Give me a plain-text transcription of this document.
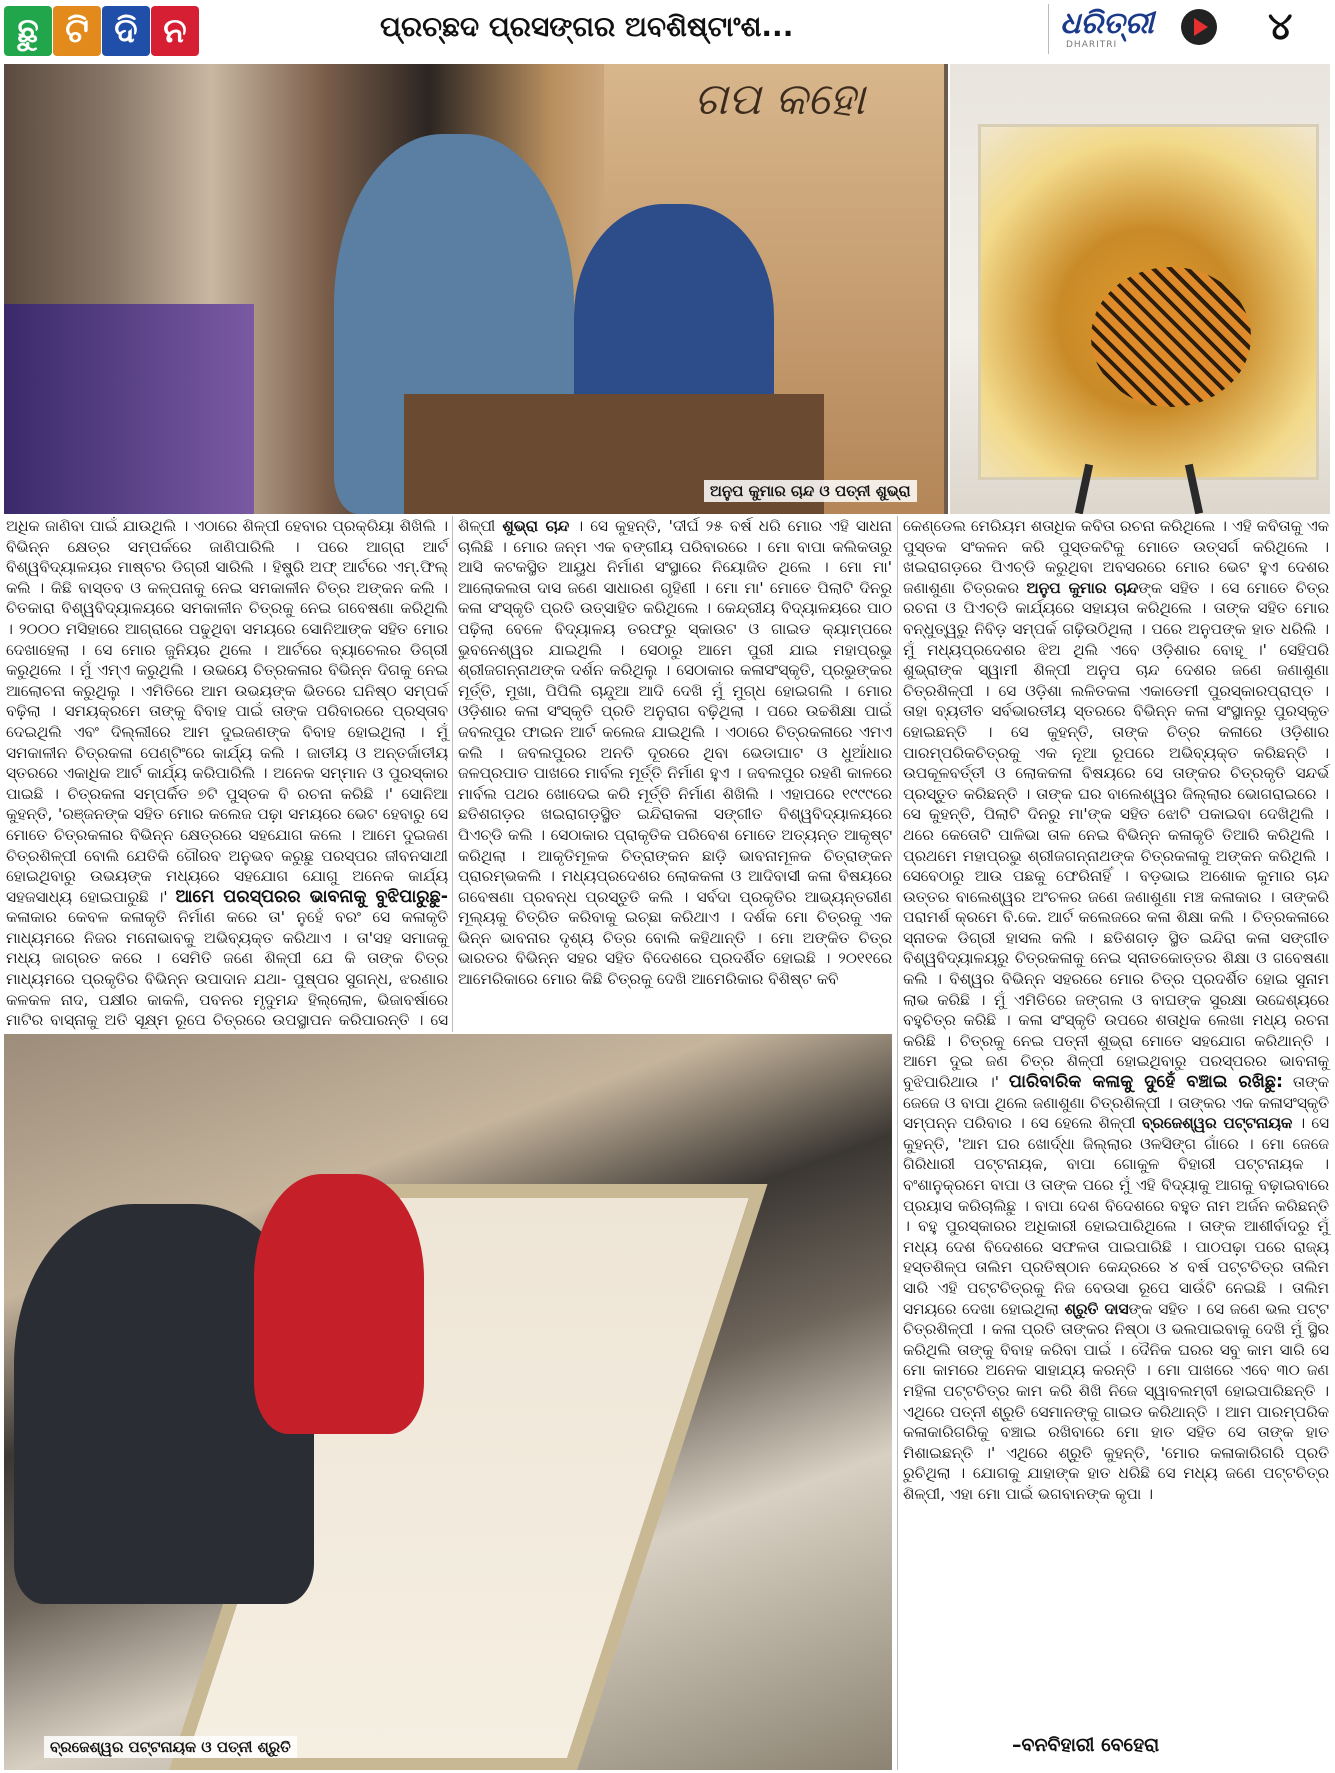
ଛୁ ଟି ଦି ନ	ପ୍ରଚ୍ଛଦ ପ୍ରସଙ୍ଗର ଅବଶିଷ୍ଟାଂଶ...	ଧରିତ୍ରୀ
DHARITRI	୪
ଗପ କହୋ
ଅନୁପ କୁମାର ଚାନ୍ଦ ଓ ପତ୍ନୀ ଶୁଭ୍ରା

ଅଧିକ ଜାଣିବା ପାଇଁ ଯାଉଥିଲି । ଏଠାରେ ଶିଳ୍ପୀ ହେବାର ପ୍ରକ୍ରିୟା ଶିଖିଲି । ବିଭିନ୍ନ କ୍ଷେତ୍ର ସମ୍ପର୍କରେ ଜାଣିପାରିଲି । ପରେ ଆଗ୍ରା ଆର୍ଟ ବିଶ୍ୱବିଦ୍ୟାଳୟର ମାଷ୍ଟର ଡିଗ୍ରୀ ସାରିଲି । ହିଷ୍ଟ୍ରି ଅଫ୍ ଆର୍ଟରେ ଏମ୍.ଫିଲ୍ କଲି । କିଛି ବାସ୍ତବ ଓ କଳ୍ପନାକୁ ନେଇ ସମକାଳୀନ ଚିତ୍ର ଅଙ୍କନ କଲି । ଚିତକାରା ବିଶ୍ୱବିଦ୍ୟାଳୟରେ ସମକାଳୀନ ଚିତ୍ରକୁ ନେଇ ଗବେଷଣା କରିଥିଲି । ୨୦୦୦ ମସିହାରେ ଆଗ୍ରାରେ ପଢୁଥିବା ସମୟରେ ସୋନିଆଙ୍କ ସହିତ ମୋର ଦେଖାହେଲା । ସେ ମୋର ଜୁନିୟର ଥିଲେ । ଆର୍ଟରେ ବ୍ୟାଚେଲର ଡିଗ୍ରୀ କରୁଥିଲେ । ମୁଁ ଏମ୍‌ଏ କରୁଥିଲି । ଉଭୟେ ଚିତ୍ରକଳାର ବିଭିନ୍ନ ଦିଗକୁ ନେଇ ଆଲୋଚନା କରୁଥିଲୁ । ଏମିତିରେ ଆମ ଉଭୟଙ୍କ ଭିତରେ ଘନିଷ୍ଠ ସମ୍ପର୍କ ବଢ଼ିଲା । ସମୟକ୍ରମେ ତାଙ୍କୁ ବିବାହ ପାଇଁ ତାଙ୍କ ପରିବାରରେ ପ୍ରସ୍ତାବ ଦେଇଥିଲି ଏବଂ ଦିଲ୍ଲୀରେ ଆମ ଦୁଇଜଣଙ୍କ ବିବାହ ହୋଇଥିଲା । ମୁଁ ସମକାଳୀନ ଚିତ୍ରକଳା ପେଣ୍ଟିଂରେ କାର୍ଯ୍ୟ କଲି । ଜାତୀୟ ଓ ଅନ୍ତର୍ଜାତୀୟ ସ୍ତରରେ ଏକାଧିକ ଆର୍ଟ କାର୍ଯ୍ୟ କରିପାରିଲି । ଅନେକ ସମ୍ମାନ ଓ ପୁରସ୍କାର ପାଇଛି । ଚିତ୍ରକଳା ସମ୍ପର୍କିତ ୭ଟି ପୁସ୍ତକ ବି ରଚନା କରିଛି ।' ସୋନିଆ କୁହନ୍ତି, 'ରଞ୍ଜନଙ୍କ ସହିତ ମୋର କଲେଜ ପଢ଼ା ସମୟରେ ଭେଟ ହେବାରୁ ସେ ମୋତେ ଚିତ୍ରକଳାର ବିଭିନ୍ନ କ୍ଷେତ୍ରରେ ସହଯୋଗ କଲେ । ଆମେ ଦୁଇଜଣ ଚିତ୍ରଶିଳ୍ପୀ ବୋଲି ଯେତିକି ଗୌରବ ଅନୁଭବ କରୁଛୁ ପରସ୍ପର ଜୀବନସାଥୀ ହୋଇଥିବାରୁ ଉଭୟଙ୍କ ମଧ୍ୟରେ ସହଯୋଗ ଯୋଗୁ ଅନେକ କାର୍ଯ୍ୟ ସହଜସାଧ୍ୟ ହୋଇପାରୁଛି ।' ଆମେ ପରସ୍ପରର ଭାବନାକୁ ବୁଝିପାରୁଛୁ- କଳାକାର କେବଳ କଳାକୃତି ନିର୍ମାଣ କରେ ତା' ନୁହେଁ ବରଂ ସେ କଳାକୃତି ମାଧ୍ୟମରେ ନିଜର ମନୋଭାବକୁ ଅଭିବ୍ୟକ୍ତ କରିଥାଏ । ତା'ସହ ସମାଜକୁ ମଧ୍ୟ ଜାଗ୍ରତ କରେ । ସେମିତି ଜଣେ ଶିଳ୍ପୀ ଯେ କି ତାଙ୍କ ଚିତ୍ର ମାଧ୍ୟମରେ ପ୍ରକୃତିର ବିଭିନ୍ନ ଉପାଦାନ ଯଥା- ପୁଷ୍ପର ସୁଗନ୍ଧ, ଝରଣାର କଳକଳ ନାଦ, ପକ୍ଷୀର କାକଳି, ପବନର ମୃଦୁମନ୍ଦ ହିଲ୍ଲୋଳ, ଭିଜାବର୍ଷାରେ ମାଟିର ବାସ୍ନାକୁ ଅତି ସୂକ୍ଷ୍ମ ରୂପେ ଚିତ୍ରରେ ଉପସ୍ଥାପନ କରିପାରନ୍ତି । ସେ

ଶିଳ୍ପୀ ଶୁଭ୍ରା ଚାନ୍ଦ । ସେ କୁହନ୍ତି, 'ଦୀର୍ଘ ୨୫ ବର୍ଷ ଧରି ମୋର ଏହି ସାଧନା ଚାଲିଛି । ମୋର ଜନ୍ମ ଏକ ବଙ୍ଗୀୟ ପରିବାରରେ । ମୋ ବାପା କଲିକତାରୁ ଆସି କଟକସ୍ଥିତ ଆୟୁଧ ନିର୍ମାଣ ସଂସ୍ଥାରେ ନିୟୋଜିତ ଥିଲେ । ମୋ ମା' ଆଲୋକଲତା ଦାସ ଜଣେ ସାଧାରଣ ଗୃହିଣୀ । ମୋ ମା' ମୋତେ ପିଲାଟି ଦିନରୁ କଳା ସଂସ୍କୃତି ପ୍ରତି ଉତ୍ସାହିତ କରିଥିଲେ । କେନ୍ଦ୍ରୀୟ ବିଦ୍ୟାଳୟରେ ପାଠ ପଢ଼ିଲା ବେଳେ ବିଦ୍ୟାଳୟ ତରଫରୁ ସ୍କାଉଟ ଓ ଗାଇଡ କ୍ୟାମ୍ପରେ ଭୁବନେଶ୍ୱର ଯାଇଥିଲି । ସେଠାରୁ ଆମେ ପୁରୀ ଯାଇ ମହାପ୍ରଭୁ ଶ୍ରୀଜଗନ୍ନାଥଙ୍କ ଦର୍ଶନ କରିଥିଲୁ । ସେଠାକାର କଳାସଂସ୍କୃତି, ପ୍ରଭୁଙ୍କର ମୂର୍ତ୍ତି, ମୁଖା, ପିପିଲି ଚାନ୍ଦୁଆ ଆଦି ଦେଖି ମୁଁ ମୁଗ୍ଧ ହୋଇଗଲି । ମୋର ଓଡ଼ିଶାର କଳା ସଂସ୍କୃତି ପ୍ରତି ଅନୁରାଗ ବଢ଼ିଥିଲା । ପରେ ଉଚ୍ଚଶିକ୍ଷା ପାଇଁ ଜବଲପୁର ଫାଇନ ଆର୍ଟ କଲେଜ ଯାଇଥିଲି । ଏଠାରେ ଚିତ୍ରକଳାରେ ଏମଏ କଲି । ଜବଲପୁରର ଅନତି ଦୂରରେ ଥିବା ଭେଡାଘାଟ ଓ ଧୁଆଁଧାର ଜଳପ୍ରପାତ ପାଖରେ ମାର୍ବଲ ମୂର୍ତ୍ତି ନିର୍ମାଣ ହୁଏ । ଜବଲପୁର ରହଣି କାଳରେ ମାର୍ବଲ ପଥର ଖୋଦେଇ କରି ମୂର୍ତ୍ତି ନିର୍ମାଣ ଶିଖିଲି । ଏହାପରେ ୧୯୯୯ରେ ଛତିଶଗଡ଼ର ଖଇରାଗଡ଼ସ୍ଥିତ ଇନ୍ଦିରାକଳା ସଙ୍ଗୀତ ବିଶ୍ୱବିଦ୍ୟାଳୟରେ ପିଏଚ୍‌ଡି କଲି । ସେଠାକାର ପ୍ରାକୃତିକ ପରିବେଶ ମୋତେ ଅତ୍ୟନ୍ତ ଆକୃଷ୍ଟ କରିଥିଲା । ଆକୃତିମୂଳକ ଚିତ୍ରାଙ୍କନ ଛାଡ଼ି ଭାବନାମୂଳକ ଚିତ୍ରାଙ୍କନ ପ୍ରାରମ୍ଭକଲି । ମଧ୍ୟପ୍ରଦେଶର ଲୋକକଳା ଓ ଆଦିବାସୀ କଳା ବିଷୟରେ ଗବେଷଣା ପ୍ରବନ୍ଧ ପ୍ରସ୍ତୁତି କଲି । ସର୍ବଦା ପ୍ରକୃତିର ଆଭ୍ୟନ୍ତରୀଣ ମୂଲ୍ୟକୁ ଚିତ୍ରିତ କରିବାକୁ ଇଚ୍ଛା କରିଥାଏ । ଦର୍ଶକ ମୋ ଚିତ୍ରକୁ ଏକ ଭିନ୍ନ ଭାବନାର ଦୃଶ୍ୟ ଚିତ୍ର ବୋଲି କହିଥାନ୍ତି । ମୋ ଅଙ୍କିତ ଚିତ୍ର ଭାରତର ବିଭିନ୍ନ ସହର ସହିତ ବିଦେଶରେ ପ୍ରଦର୍ଶିତ ହୋଇଛି । ୨୦୧୧ରେ ଆମେରିକାରେ ମୋର କିଛି ଚିତ୍ରକୁ ଦେଖି ଆମେରିକାର ବିଶିଷ୍ଟ କବି

କେଣ୍ଡେଲ ମେରିୟମ ଶତାଧିକ କବିତା ରଚନା କରିଥିଲେ । ଏହି କବିତାକୁ ଏକ ପୁସ୍ତକ ସଂକଳନ କରି ପୁସ୍ତକଟିକୁ ମୋତେ ଉତ୍ସର୍ଗ କରିଥିଲେ । ଖଇରାଗଡ଼ରେ ପିଏଚ୍‌ଡି କରୁଥିବା ଅବସରରେ ମୋର ଭେଟ ହୁଏ ଦେଶର ଜଣାଶୁଣା ଚିତ୍ରକର ଅନୁପ କୁମାର ଚାନ୍ଦଙ୍କ ସହିତ । ସେ ମୋତେ ଚିତ୍ର ରଚନା ଓ ପିଏଚ୍‌ଡି କାର୍ଯ୍ୟରେ ସହାୟତା କରିଥିଲେ । ତାଙ୍କ ସହିତ ମୋର ବନ୍ଧୁତ୍ୱରୁ ନିବିଡ଼ ସମ୍ପର୍କ ଗଢ଼ିଉଠିଥିଲା । ପରେ ଅନୁପଙ୍କ ହାତ ଧରିଲି । ମୁଁ ମଧ୍ୟପ୍ରଦେଶର ଝିଅ ଥିଲି ଏବେ ଓଡ଼ିଶାର ବୋହୂ ।' ସେହିପରି ଶୁଭ୍ରାଙ୍କ ସ୍ୱାମୀ ଶିଳ୍ପୀ ଅନୁପ ଚାନ୍ଦ ଦେଶର ଜଣେ ଜଣାଶୁଣା ଚିତ୍ରଶିଳ୍ପୀ । ସେ ଓଡ଼ିଶା ଲଳିତକଳା ଏକାଡେମୀ ପୁରସ୍କାରପ୍ରାପ୍ତ । ତାହା ବ୍ୟତୀତ ସର୍ବଭାରତୀୟ ସ୍ତରରେ ବିଭିନ୍ନ କଳା ସଂସ୍ଥାନରୁ ପୁରସ୍କୃତ ହୋଇଛନ୍ତି । ସେ କୁହନ୍ତି, ତାଙ୍କ ଚିତ୍ର କଳାରେ ଓଡ଼ିଶାର ପାରମ୍ପରିକଚିତ୍ରକୁ ଏକ ନୂଆ ରୂପରେ ଅଭିବ୍ୟକ୍ତ କରିଛନ୍ତି । ଉପକୂଳବର୍ତ୍ତୀ ଓ ଲୋକକଳା ବିଷୟରେ ସେ ତାଙ୍କର ଚିତ୍ରକୃତି ସନ୍ଦର୍ଭ ପ୍ରସ୍ତୁତ କରିଛନ୍ତି । ତାଙ୍କ ଘର ବାଲେଶ୍ୱର ଜିଲ୍ଲାର ଭୋଗରାଇରେ । ସେ କୁହନ୍ତି, ପିଲାଟି ଦିନରୁ ମା'ଙ୍କ ସହିତ ଝୋଟି ପକାଇବା ଦେଖିଥିଲି । ଥରେ କେତୋଟି ପାଳିଭା ତାଳ ନେଇ ବିଭିନ୍ନ କଳାକୃତି ତିଆରି କରିଥିଲି । ପ୍ରଥମେ ମହାପ୍ରଭୁ ଶ୍ରୀଜଗନ୍ନାଥଙ୍କ ଚିତ୍ରକଳାକୁ ଅଙ୍କନ କରିଥିଲି । ସେବେଠାରୁ ଆଉ ପଛକୁ ଫେରିନାହିଁ । ବଡ଼ଭାଇ ଅଶୋକ କୁମାର ଚାନ୍ଦ ଉତ୍ତର ବାଲେଶ୍ୱର ଅଂଚଳର ଜଣେ ଜଣାଶୁଣା ମଞ୍ଚ କଳାକାର । ତାଙ୍କରି ପରାମର୍ଶ କ୍ରମେ ବି.କେ. ଆର୍ଟ କଲେଜରେ କଳା ଶିକ୍ଷା କଲି । ଚିତ୍ରକଳାରେ ସ୍ନାତକ ଡିଗ୍ରୀ ହାସଲ କଲି । ଛତିଶଗଡ଼ ସ୍ଥିତ ଇନ୍ଦିରା କଳା ସଙ୍ଗୀତ ବିଶ୍ୱବିଦ୍ୟାଳୟରୁ ଚିତ୍ରକଳାକୁ ନେଇ ସ୍ନାତକୋତ୍ତର ଶିକ୍ଷା ଓ ଗବେଷଣା କଲି । ବିଶ୍ୱର ବିଭିନ୍ନ ସହରରେ ମୋର ଚିତ୍ର ପ୍ରଦର୍ଶିତ ହୋଇ ସୁନାମ ଲାଭ କରିଛି । ମୁଁ ଏମିତିରେ ଜଙ୍ଗଲ ଓ ବାଘଙ୍କ ସୁରକ୍ଷା ଉଦ୍ଦେଶ୍ୟରେ ବହୁଚିତ୍ର କରିଛି । କଳା ସଂସ୍କୃତି ଉପରେ ଶତାଧିକ ଲେଖା ମଧ୍ୟ ରଚନା କରିଛି । ଚିତ୍ରକୁ ନେଇ ପତ୍ନୀ ଶୁଭ୍ରା ମୋତେ ସହଯୋଗ କରିଥାନ୍ତି । ଆମେ ଦୁଇ ଜଣ ଚିତ୍ର ଶିଳ୍ପୀ ହୋଇଥିବାରୁ ପରସ୍ପରର ଭାବନାକୁ ବୁଝିପାରିଥାଉ ।' ପାରିବାରିକ କଳାକୁ ଦୁହେଁ ବଞ୍ଚାଇ ରଖିଛୁ: ତାଙ୍କ ଜେଜେ ଓ ବାପା ଥିଲେ ଜଣାଶୁଣା ଚିତ୍ରଶିଳ୍ପୀ । ତାଙ୍କର ଏକ କଳାସଂସ୍କୃତି ସମ୍ପନ୍ନ ପରିବାର । ସେ ହେଲେ ଶିଳ୍ପୀ ବ୍ରଜେଶ୍ୱର ପଟ୍ଟନାୟକ । ସେ କୁହନ୍ତି, 'ଆମ ଘର ଖୋର୍ଦ୍ଧା ଜିଲ୍ଲାର ଓଳସିଙ୍ଗ ଗାଁରେ । ମୋ ଜେଜେ ଗିରିଧାରୀ ପଟ୍ଟନାୟକ, ବାପା ଗୋକୁଳ ବିହାରୀ ପଟ୍ଟନାୟକ । ବଂଶାନୁକ୍ରମେ ବାପା ଓ ତାଙ୍କ ପରେ ମୁଁ ଏହି ବିଦ୍ୟାକୁ ଆଗକୁ ବଢ଼ାଇବାରେ ପ୍ରୟାସ କରିଚାଲିଛୁ । ବାପା ଦେଶ ବିଦେଶରେ ବହୁତ ନାମ ଅର୍ଜନ କରିଛନ୍ତି । ବହୁ ପୁରସ୍କାରର ଅଧିକାରୀ ହୋଇପାରିଥିଲେ । ତାଙ୍କ ଆଶୀର୍ବାଦରୁ ମୁଁ ମଧ୍ୟ ଦେଶ ବିଦେଶରେ ସଫଳତା ପାଇପାରିଛି । ପାଠପଢ଼ା ପରେ ରାଜ୍ୟ ହସ୍ତଶିଳ୍ପ ତାଲିମ ପ୍ରତିଷ୍ଠାନ କେନ୍ଦ୍ରରେ ୪ ବର୍ଷ ପଟ୍ଟଚିତ୍ର ତାଲିମ ସାରି ଏହି ପଟ୍ଟଚିତ୍ରକୁ ନିଜ ବେଉସା ରୂପେ ସାଉଁଟି ନେଇଛି । ତାଲିମ ସମୟରେ ଦେଖା ହୋଇଥିଲା ଶ୍ରୁତି ଦାସଙ୍କ ସହିତ । ସେ ଜଣେ ଭଲ ପଟ୍ଟ ଚିତ୍ରଶିଳ୍ପୀ । କଳା ପ୍ରତି ତାଙ୍କର ନିଷ୍ଠା ଓ ଭଲପାଇବାକୁ ଦେଖି ମୁଁ ସ୍ଥିର କରିଥିଲି ତାଙ୍କୁ ବିବାହ କରିବା ପାଇଁ । ଦୈନିକ ଘରର ସବୁ କାମ ସାରି ସେ ମୋ କାମରେ ଅନେକ ସାହାଯ୍ୟ କରନ୍ତି । ମୋ ପାଖରେ ଏବେ ୩୦ ଜଣ ମହିଳା ପଟ୍ଟଚିତ୍ର କାମ କରି ଶିଖି ନିଜେ ସ୍ୱାବଲମ୍ବୀ ହୋଇପାରିଛନ୍ତି । ଏଥିରେ ପତ୍ନୀ ଶ୍ରୁତି ସେମାନଙ୍କୁ ଗାଇଡ କରିଥାନ୍ତି । ଆମ ପାରମ୍ପରିକ କଳାକାରିଗରିକୁ ବଞ୍ଚାଇ ରଖିବାରେ ମୋ ହାତ ସହିତ ସେ ତାଙ୍କ ହାତ ମିଶାଇଛନ୍ତି ।' ଏଥିରେ ଶ୍ରୁତି କୁହନ୍ତି, 'ମୋର କଳାକାରିଗରି ପ୍ରତି ରୁଚିଥିଲା । ଯୋଗକୁ ଯାହାଙ୍କ ହାତ ଧରିଛି ସେ ମଧ୍ୟ ଜଣେ ପଟ୍ଟଚିତ୍ର ଶିଳ୍ପୀ, ଏହା ମୋ ପାଇଁ ଭଗବାନଙ୍କ କୃପା ।

ବ୍ରଜେଶ୍ୱର ପଟ୍ଟନାୟକ ଓ ପତ୍ନୀ ଶ୍ରୁତି	–ବନବିହାରୀ ବେହେରା
